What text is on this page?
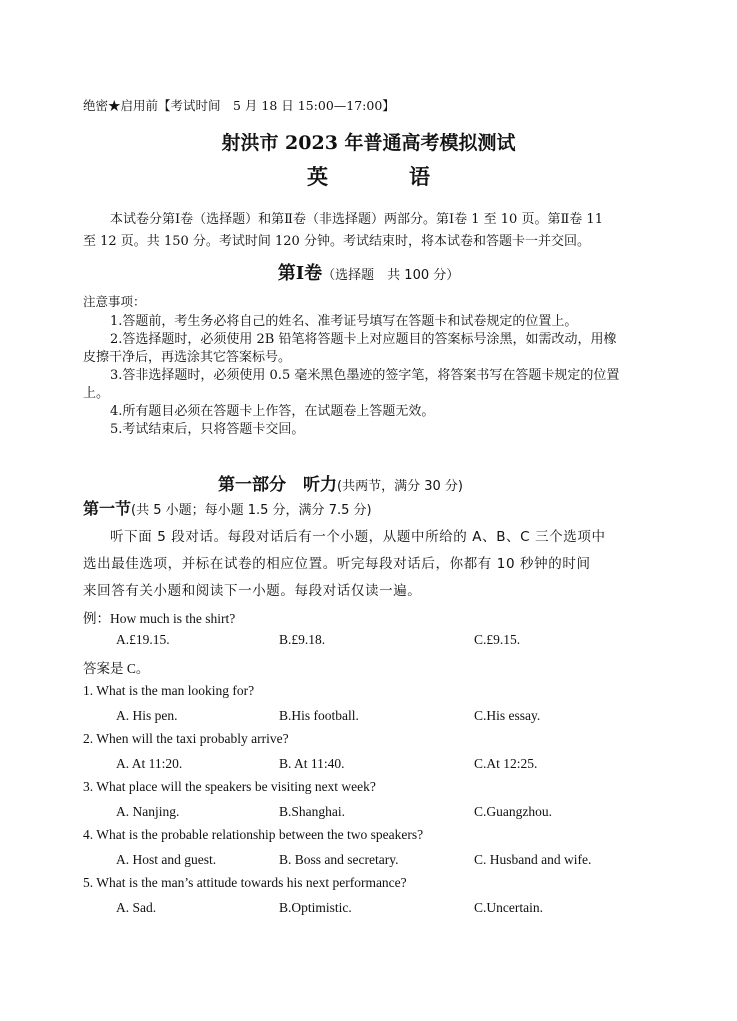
绝密★启用前【考试时间　5 月 18 日 15:00—17:00】
射洪市 2023 年普通高考模拟测试
英　语
本试卷分第Ⅰ卷（选择题）和第Ⅱ卷（非选择题）两部分。第Ⅰ卷 1 至 10 页。第Ⅱ卷 11
至 12 页。共 150 分。考试时间 120 分钟。考试结束时，将本试卷和答题卡一并交回。
第Ⅰ卷（选择题　共 100 分）
注意事项：
1.答题前，考生务必将自己的姓名、准考证号填写在答题卡和试卷规定的位置上。
2.答选择题时，必须使用 2B 铅笔将答题卡上对应题目的答案标号涂黑，如需改动，用橡
皮擦干净后，再选涂其它答案标号。
3.答非选择题时，必须使用 0.5 毫米黑色墨迹的签字笔，将答案书写在答题卡规定的位置
上。
4.所有题目必须在答题卡上作答，在试题卷上答题无效。
5.考试结束后，只将答题卡交回。
第一部分　听力(共两节，满分 30 分)
第一节(共 5 小题；每小题 1.5 分，满分 7.5 分)
听下面 5 段对话。每段对话后有一个小题，从题中所给的 A、B、C 三个选项中
选出最佳选项，并标在试卷的相应位置。听完每段对话后，你都有 10 秒钟的时间
来回答有关小题和阅读下一小题。每段对话仅读一遍。
例：How much is the shirt?
A.£19.15.	B.£9.18.	C.£9.15.
答案是 C。
1. What is the man looking for?
A. His pen.	B.His football.	C.His essay.
2. When will the taxi probably arrive?
A. At 11:20.	B. At 11:40.	C.At 12:25.
3. What place will the speakers be visiting next week?
A. Nanjing.	B.Shanghai.	C.Guangzhou.
4. What is the probable relationship between the two speakers?
A. Host and guest.	B. Boss and secretary.	C. Husband and wife.
5. What is the man’s attitude towards his next performance?
A. Sad.	B.Optimistic.	C.Uncertain.
